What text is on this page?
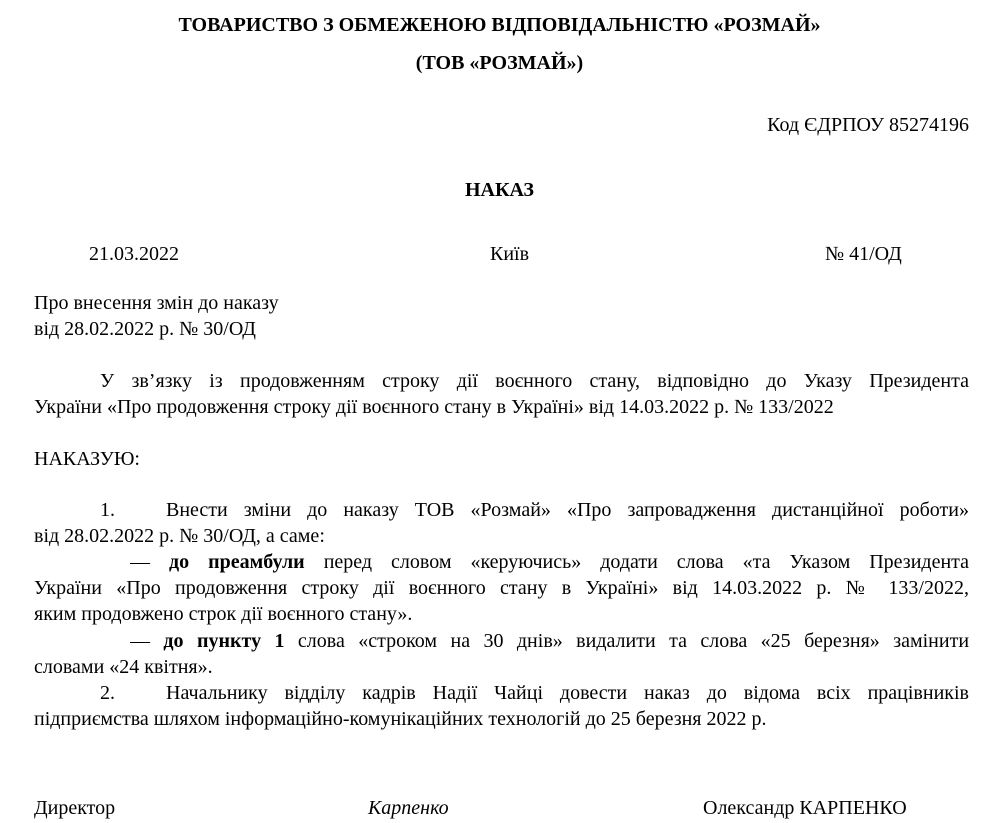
ТОВАРИСТВО З ОБМЕЖЕНОЮ ВІДПОВІДАЛЬНІСТЮ «РОЗМАЙ»
(ТОВ «РОЗМАЙ»)
Код ЄДРПОУ 85274196
НАКАЗ
21.03.2022	Київ	№ 41/ОД
Про внесення змін до наказу
від 28.02.2022 р. № 30/ОД
У зв’язку із продовженням строку дії воєнного стану, відповідно до Указу Президента
України «Про продовження строку дії воєнного стану в Україні» від 14.03.2022 р. № 133/2022
НАКАЗУЮ:
1.	Внести зміни до наказу ТОВ «Розмай» «Про запровадження дистанційної роботи»
від 28.02.2022 р. № 30/ОД, а саме:
— до преамбули перед словом «керуючись» додати слова «та Указом Президента
України «Про продовження строку дії воєнного стану в Україні» від 14.03.2022 р. № 133/2022,
яким продовжено строк дії воєнного стану».
— до пункту 1 слова «строком на 30 днів» видалити та слова «25 березня» замінити
словами «24 квітня».
2.	Начальнику відділу кадрів Надії Чайці довести наказ до відома всіх працівників
підприємства шляхом інформаційно-комунікаційних технологій до 25 березня 2022 р.
Директор	Карпенко	Олександр КАРПЕНКО
